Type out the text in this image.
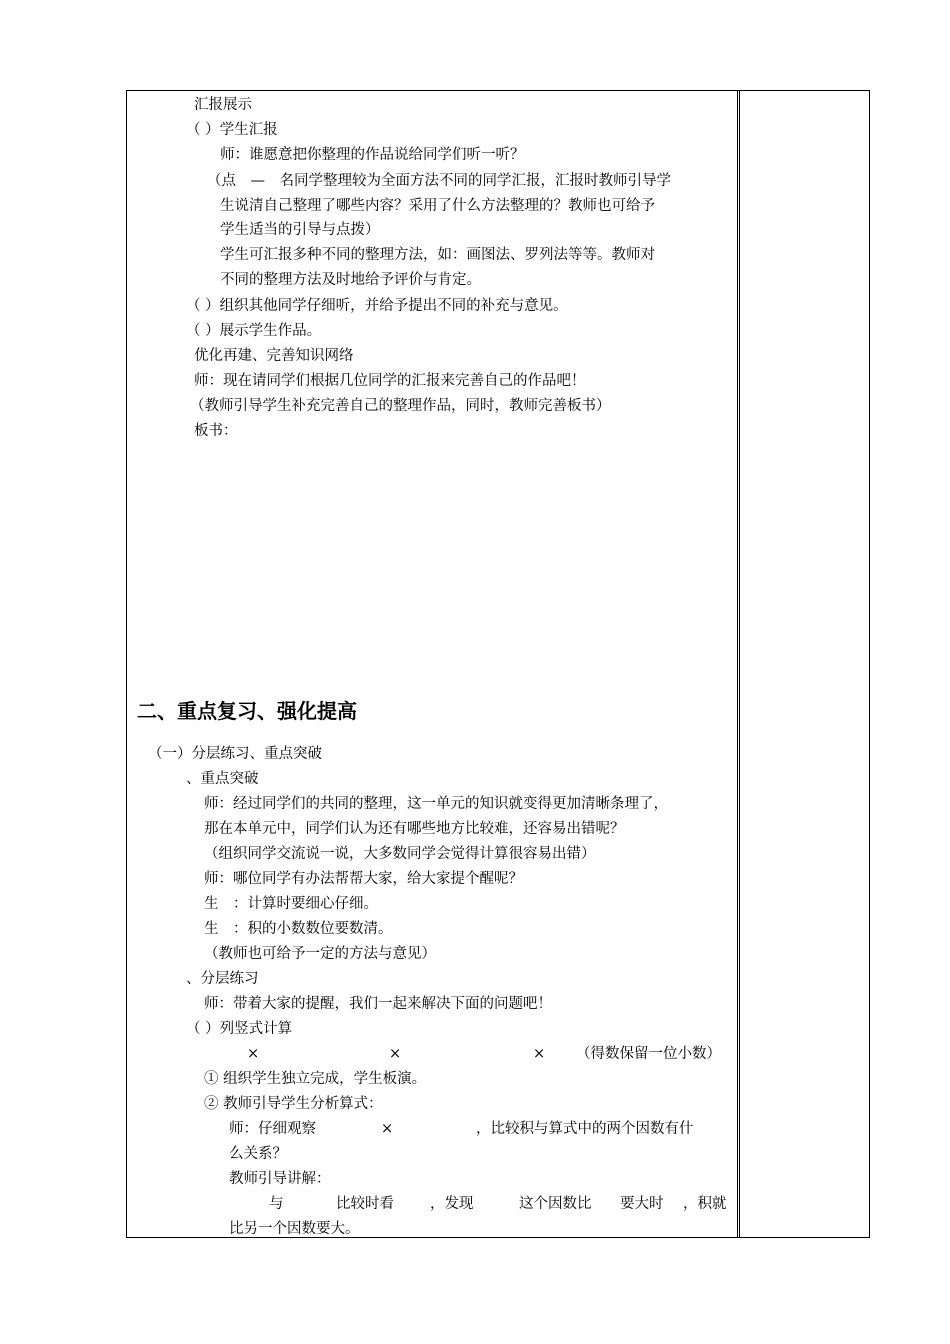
汇报展示
（ ）学生汇报
师：谁愿意把你整理的作品说给同学们听一听？
（点　—　名同学整理较为全面方法不同的同学汇报，汇报时教师引导学
生说清自己整理了哪些内容？采用了什么方法整理的？教师也可给予
学生适当的引导与点拨）
学生可汇报多种不同的整理方法，如：画图法、罗列法等等。教师对
不同的整理方法及时地给予评价与肯定。
（ ）组织其他同学仔细听，并给予提出不同的补充与意见。
（ ）展示学生作品。
优化再建、完善知识网络
师：现在请同学们根据几位同学的汇报来完善自己的作品吧！
（教师引导学生补充完善自己的整理作品，同时，教师完善板书）
板书：
二、重点复习、强化提高
（一）分层练习、重点突破
、重点突破
师：经过同学们的共同的整理，这一单元的知识就变得更加清晰条理了，
那在本单元中，同学们认为还有哪些地方比较难，还容易出错呢？
（组织同学交流说一说，大多数同学会觉得计算很容易出错）
师：哪位同学有办法帮帮大家，给大家提个醒呢？
生　：计算时要细心仔细。
生　：积的小数数位要数清。
（教师也可给予一定的方法与意见）
、分层练习
师：带着大家的提醒，我们一起来解决下面的问题吧！
（ ）列竖式计算
×	×	× （得数保留一位小数）
① 组织学生独立完成，学生板演。
② 教师引导学生分析算式：
师：仔细观察	×	，比较积与算式中的两个因数有什
么关系？
教师引导讲解：
与	比较时看 ，发现	这个因数比 要大时 ，积就
比另一个因数要大。
